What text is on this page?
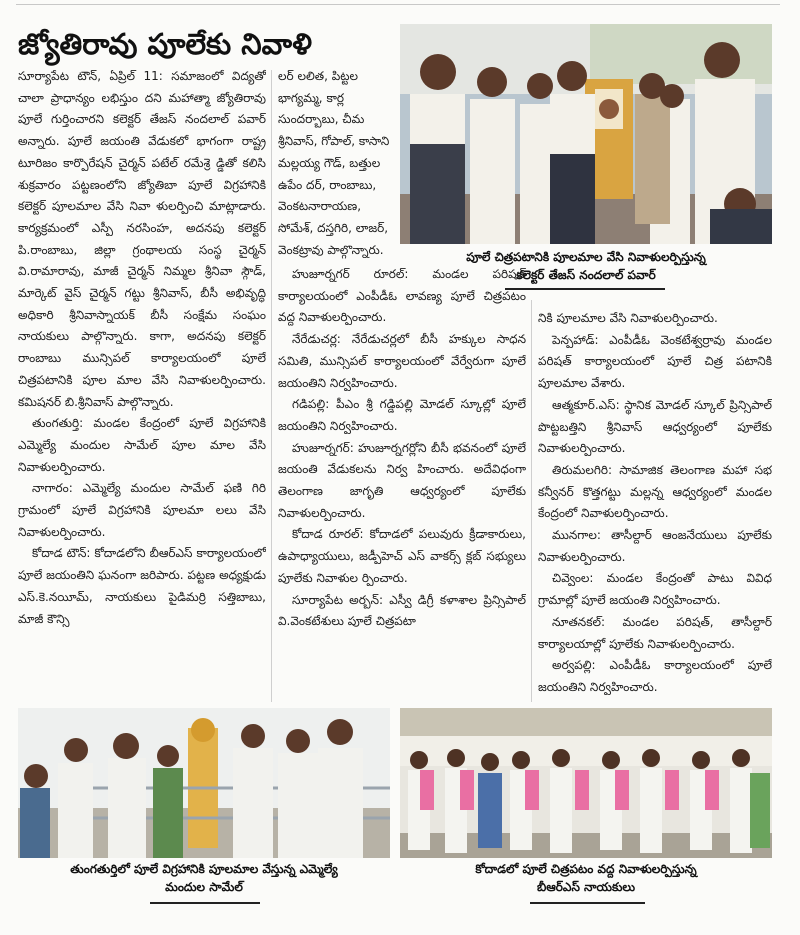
జ్యోతిరావు పూలేకు నివాళి
పూలే చిత్రపటానికి పూలమాల వేసి నివాళులర్పిస్తున్న
కలెక్టర్ తేజస్ నందలాల్ పవార్

సూర్యాపేట టౌన్, ఏప్రిల్ 11: సమాజంలో విద్యతో చాలా ప్రాధాన్యం లభిస్తుం దని మహాత్మా జ్యోతిరావు పూలే గుర్తించారని కలెక్టర్ తేజస్ నందలాల్ పవార్ అన్నారు. పూలే జయంతి వేడుకలో భాగంగా రాష్ట్ర టూరిజం కార్పొరేషన్ చైర్మన్ పటేల్ రమేశ్రె డ్డితో కలిసి శుక్రవారం పట్టణంలోని జ్యోతిబా పూలే విగ్రహానికి కలెక్టర్ పూలమాల వేసి నివా ళులర్పించి మాట్లాడారు. కార్యక్రమంలో ఎస్పీ నరసింహ, అదనపు కలెక్టర్ పి.రాంబాబు, జిల్లా గ్రంథాలయ సంస్థ చైర్మన్ వి.రామారావు, మాజీ చైర్మన్ నిమ్మల శ్రీనివా స్గౌడ్, మార్కెట్ వైస్ చైర్మన్ గట్టు శ్రీనివాస్, బీసీ అభివృద్ధి అధికారి శ్రీనివాస్నాయక్ బీసీ సంక్షేమ సంఘం నాయకులు పాల్గొన్నారు. కాగా, అదనపు కలెక్టర్ రాంబాబు మున్సిపల్ కార్యాలయంలో పూలే చిత్రపటానికి పూల మాల వేసి నివాళులర్పించారు. కమిషనర్ బి.శ్రీనివాస్ పాల్గొన్నారు.

తుంగతుర్తి: మండల కేంద్రంలో పూలే విగ్రహానికి ఎమ్మెల్యే మందుల సామేల్ పూల మాల వేసి నివాళులర్పించారు.

నాగారం: ఎమ్మెల్యే మందుల సామేల్ ఫణి గిరి గ్రామంలో పూలే విగ్రహానికి పూలమా లలు వేసి నివాళులర్పించారు.

కోదాడ టౌన్: కోదాడలోని బీఆర్ఎస్ కార్యాలయంలో పూలే జయంతిని ఘనంగా జరిపారు. పట్టణ అధ్యక్షుడు ఎస్.కె.నయీమ్, నాయకులు పైడిమర్రి సత్తిబాబు, మాజీ కౌన్సి

లర్ లలిత, పిట్టల భాగ్యమ్మ, కార్ల సుందర్బాబు, చీమ శ్రీనివాస్, గోపాల్, కాసాని మల్లయ్య గౌడ్, బత్తుల ఉపేం దర్, రాంబాబు, వెంకటనారాయణ, సోమేశ్, దస్తగిరి, లాజర్, వెంకట్రావు పాల్గొన్నారు.

హుజూర్నగర్ రూరల్: మండల పరిషత్ కార్యాలయంలో ఎంపీడీఓ లావణ్య పూలే చిత్రపటం వద్ద నివాళులర్పించారు.

నేరేడుచర్ల: నేరేడుచర్లలో బీసీ హక్కుల సాధన సమితి, మున్సిపల్ కార్యాలయంలో వేర్వేరుగా పూలే జయంతిని నిర్వహించారు.

గడిపల్లి: పీఎం శ్రీ గడ్డిపల్లి మోడల్ స్కూల్లో పూలే జయంతిని నిర్వహించారు.

హుజూర్నగర్: హుజూర్నగర్లోని బీసీ భవనంలో పూలే జయంతి వేడుకలను నిర్వ హించారు. అదేవిధంగా తెలంగాణ జాగృతి ఆధ్వర్యంలో పూలేకు నివాళులర్పించారు.

కోదాడ రూరల్: కోదాడలో పలువురు క్రీడాకారులు, ఉపాధ్యాయులు, జడ్పీహెచ్ ఎస్ వాకర్స్ క్లబ్ సభ్యులు పూలేకు నివాళుల ర్పించారు.

సూర్యాపేట అర్బన్: ఎస్వీ డిగ్రీ కళాశాల ప్రిన్సిపాల్ వి.వెంకటేశులు పూలే చిత్రపటా

నికి పూలమాల వేసి నివాళులర్పించారు.

పెన్పహాడ్: ఎంపీడీఓ వెంకటేశ్వర్రావు మండల పరిషత్ కార్యాలయంలో పూలే చిత్ర పటానికి పూలమాల వేశారు.

ఆత్మకూర్.ఎస్: స్థానిక మోడల్ స్కూల్ ప్రిన్సిపాల్ పొట్టబత్తిని శ్రీనివాస్ ఆధ్వర్యంలో పూలేకు నివాళులర్పించారు.

తిరుమలగిరి: సామాజిక తెలంగాణ మహా సభ కన్వీనర్ కొత్తగట్టు మల్లన్న ఆధ్వర్యంలో మండల కేంద్రంలో నివాళులర్పించారు.

మునగాల: తాసీల్దార్ ఆంజనేయులు పూలేకు నివాళులర్పించారు.

చివ్వెంల: మండల కేంద్రంతో పాటు వివిధ గ్రామాల్లో పూలే జయంతి నిర్వహించారు.

నూతనకల్: మండల పరిషత్, తాసీల్దార్ కార్యాలయాల్లో పూలేకు నివాళులర్పించారు.

అర్వపల్లి: ఎంపీడీఓ కార్యాలయంలో పూలే జయంతిని నిర్వహించారు.

తుంగతుర్తిలో పూలే విగ్రహానికి పూలమాల వేస్తున్న ఎమ్మెల్యే
మందుల సామేల్
కోదాడలో పూలే చిత్రపటం వద్ద నివాళులర్పిస్తున్న
బీఆర్ఎస్ నాయకులు
